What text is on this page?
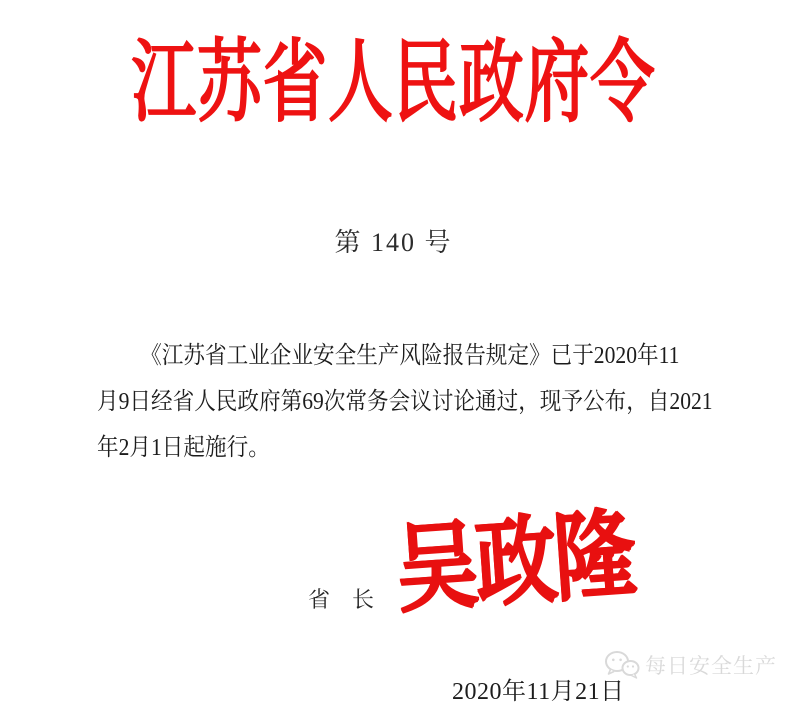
江苏省人民政府令
第 140 号

《江苏省工业企业安全生产风险报告规定》已于2020年11

月9日经省人民政府第69次常务会议讨论通过，现予公布，自2021

年2月1日起施行。

省　长 吴政隆
2020年11月21日
每日安全生产
